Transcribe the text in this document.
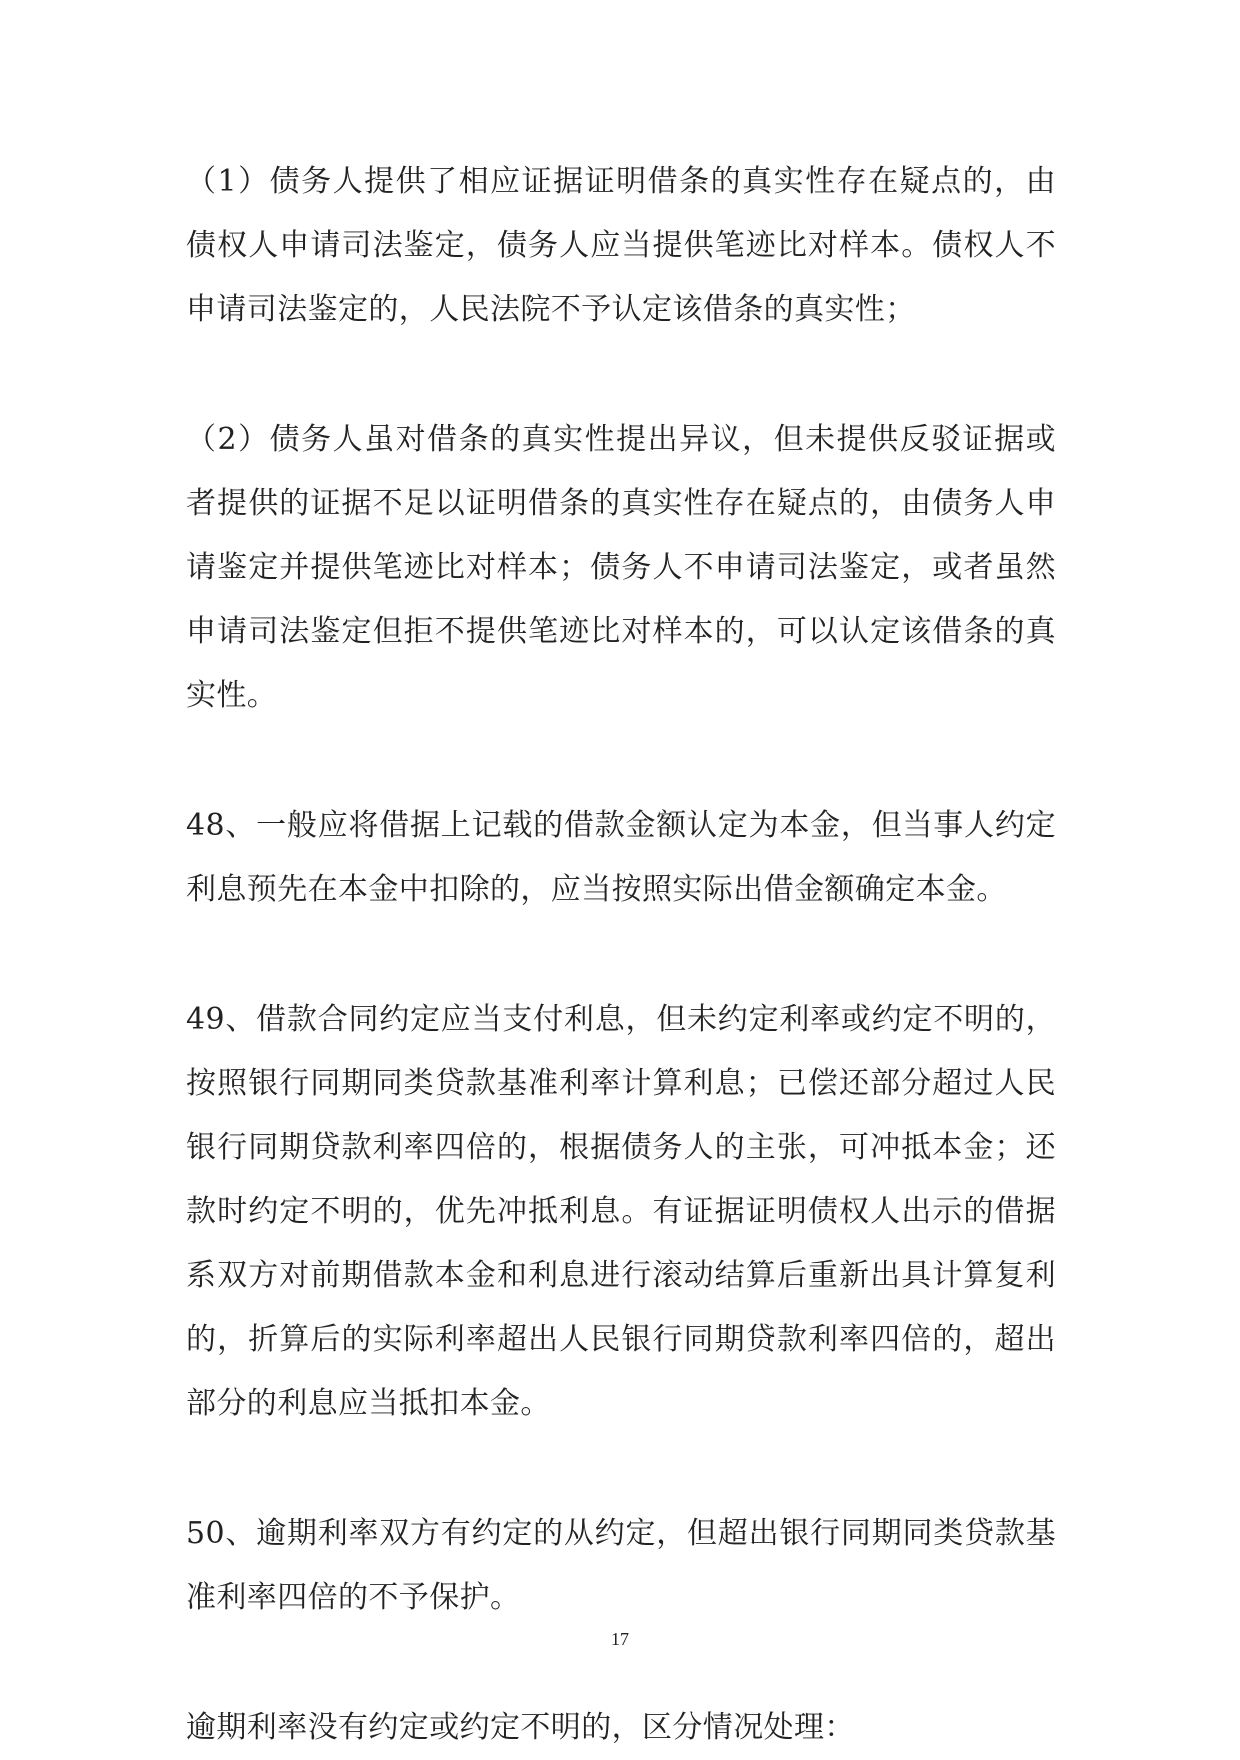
（1）债务人提供了相应证据证明借条的真实性存在疑点的，由债权人申请司法鉴定，债务人应当提供笔迹比对样本。债权人不申请司法鉴定的，人民法院不予认定该借条的真实性；

（2）债务人虽对借条的真实性提出异议，但未提供反驳证据或者提供的证据不足以证明借条的真实性存在疑点的，由债务人申请鉴定并提供笔迹比对样本；债务人不申请司法鉴定，或者虽然申请司法鉴定但拒不提供笔迹比对样本的，可以认定该借条的真实性。

48、一般应将借据上记载的借款金额认定为本金，但当事人约定利息预先在本金中扣除的，应当按照实际出借金额确定本金。

49、借款合同约定应当支付利息，但未约定利率或约定不明的，按照银行同期同类贷款基准利率计算利息；已偿还部分超过人民银行同期贷款利率四倍的，根据债务人的主张，可冲抵本金；还款时约定不明的，优先冲抵利息。有证据证明债权人出示的借据系双方对前期借款本金和利息进行滚动结算后重新出具计算复利的，折算后的实际利率超出人民银行同期贷款利率四倍的，超出部分的利息应当抵扣本金。

50、逾期利率双方有约定的从约定，但超出银行同期同类贷款基准利率四倍的不予保护。

逾期利率没有约定或约定不明的，区分情况处理：

17
